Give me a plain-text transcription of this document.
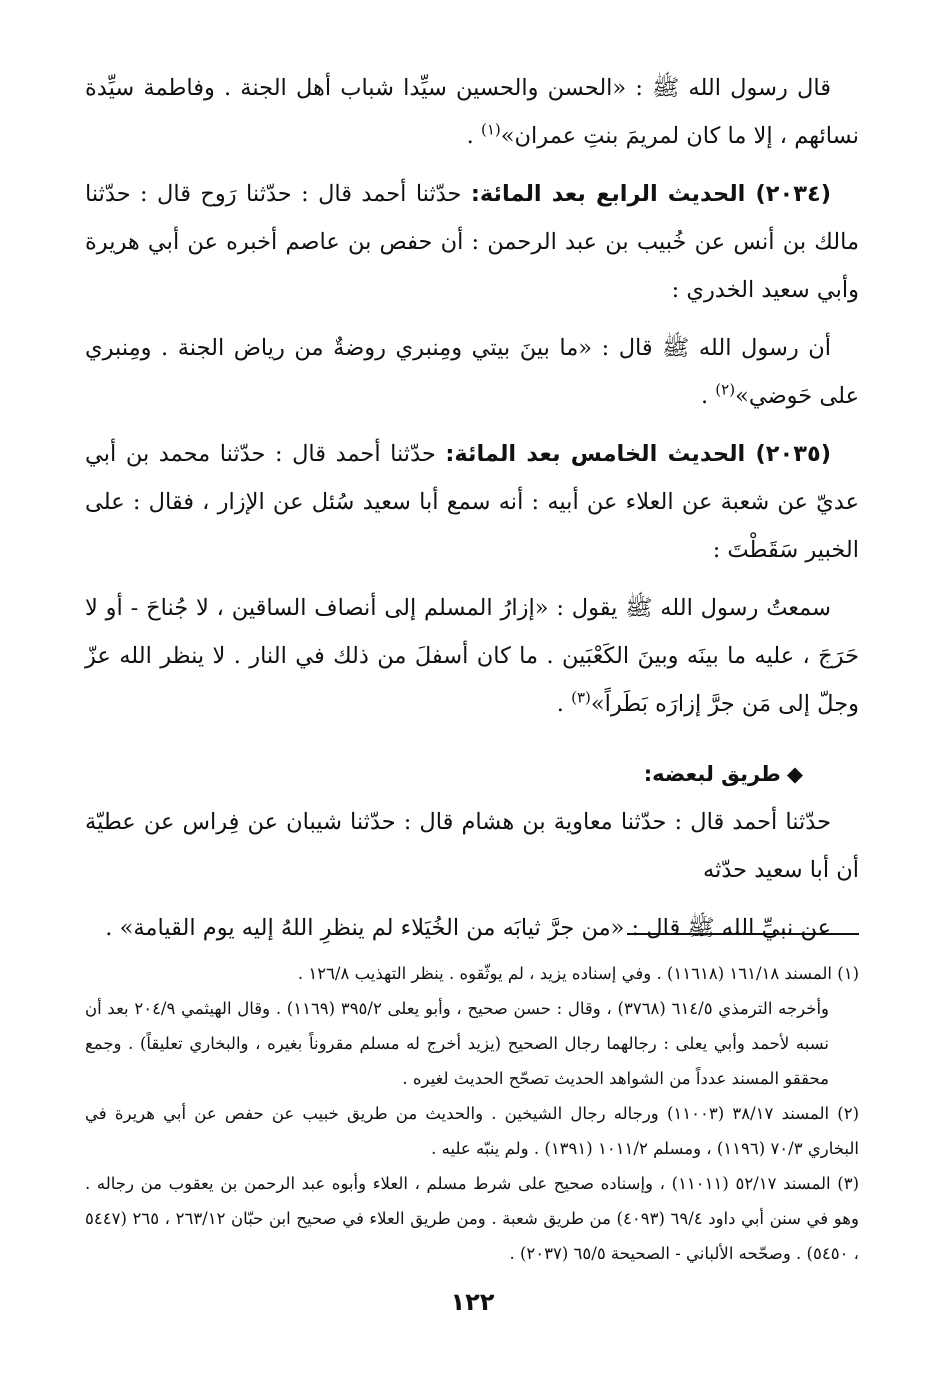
قال رسول الله ﷺ : «الحسن والحسين سيِّدا شباب أهل الجنة . وفاطمة سيِّدة نسائهم ، إلا ما كان لمريمَ بنتِ عمران»$^{(١)}$ .

(٢٠٣٤) الحديث الرابع بعد المائة: حدّثنا أحمد قال : حدّثنا رَوح قال : حدّثنا مالك بن أنس عن خُبيب بن عبد الرحمن : أن حفص بن عاصم أخبره عن أبي هريرة وأبي سعيد الخدري :

أن رسول الله ﷺ قال : «ما بينَ بيتي ومِنبري روضةٌ من رياض الجنة . ومِنبري على حَوضي»$^{(٢)}$ .

(٢٠٣٥) الحديث الخامس بعد المائة: حدّثنا أحمد قال : حدّثنا محمد بن أبي عديّ عن شعبة عن العلاء عن أبيه : أنه سمع أبا سعيد سُئل عن الإزار ، فقال : على الخبير سَقَطْتَ :

سمعتُ رسول الله ﷺ يقول : «إزارُ المسلم إلى أنصاف الساقين ، لا جُناحَ - أو لا حَرَجَ ، عليه ما بينَه وبينَ الكَعْبَين . ما كان أسفلَ من ذلك في النار . لا ينظر الله عزّ وجلّ إلى مَن جرَّ إزارَه بَطَراً»$^{(٣)}$ .

◆طريق لبعضه:

حدّثنا أحمد قال : حدّثنا معاوية بن هشام قال : حدّثنا شيبان عن فِراس عن عطيّة أن أبا سعيد حدّثه

عن نبيِّ الله ﷺ قال : «من جرَّ ثيابَه من الخُيَلاء لم ينظرِ اللهُ إليه يوم القيامة» .

(١) المسند ١٦١/١٨ (١١٦١٨) . وفي إسناده يزيد ، لم يوثّقوه . ينظر التهذيب ١٢٦/٨ .

وأخرجه الترمذي ٦١٤/٥ (٣٧٦٨) ، وقال : حسن صحيح ، وأبو يعلى ٣٩٥/٢ (١١٦٩) . وقال الهيثمي ٢٠٤/٩ بعد أن نسبه لأحمد وأبي يعلى : رجالهما رجال الصحيح (يزيد أخرج له مسلم مقروناً بغيره ، والبخاري تعليقاً) . وجمع محققو المسند عدداً من الشواهد الحديث تصحّح الحديث لغيره .

(٢) المسند ٣٨/١٧ (١١٠٠٣) ورجاله رجال الشيخين . والحديث من طريق خبيب عن حفص عن أبي هريرة في البخاري ٧٠/٣ (١١٩٦) ، ومسلم ١٠١١/٢ (١٣٩١) . ولم ينبّه عليه .

(٣) المسند ٥٢/١٧ (١١٠١١) ، وإسناده صحيح على شرط مسلم ، العلاء وأبوه عبد الرحمن بن يعقوب من رجاله . وهو في سنن أبي داود ٦٩/٤ (٤٠٩٣) من طريق شعبة . ومن طريق العلاء في صحيح ابن حبّان ٢٦٣/١٢ ، ٢٦٥ (٥٤٤٧ ، ٥٤٥٠) . وصحّحه الألباني - الصحيحة ٦٥/٥ (٢٠٣٧) .

١٢٢
